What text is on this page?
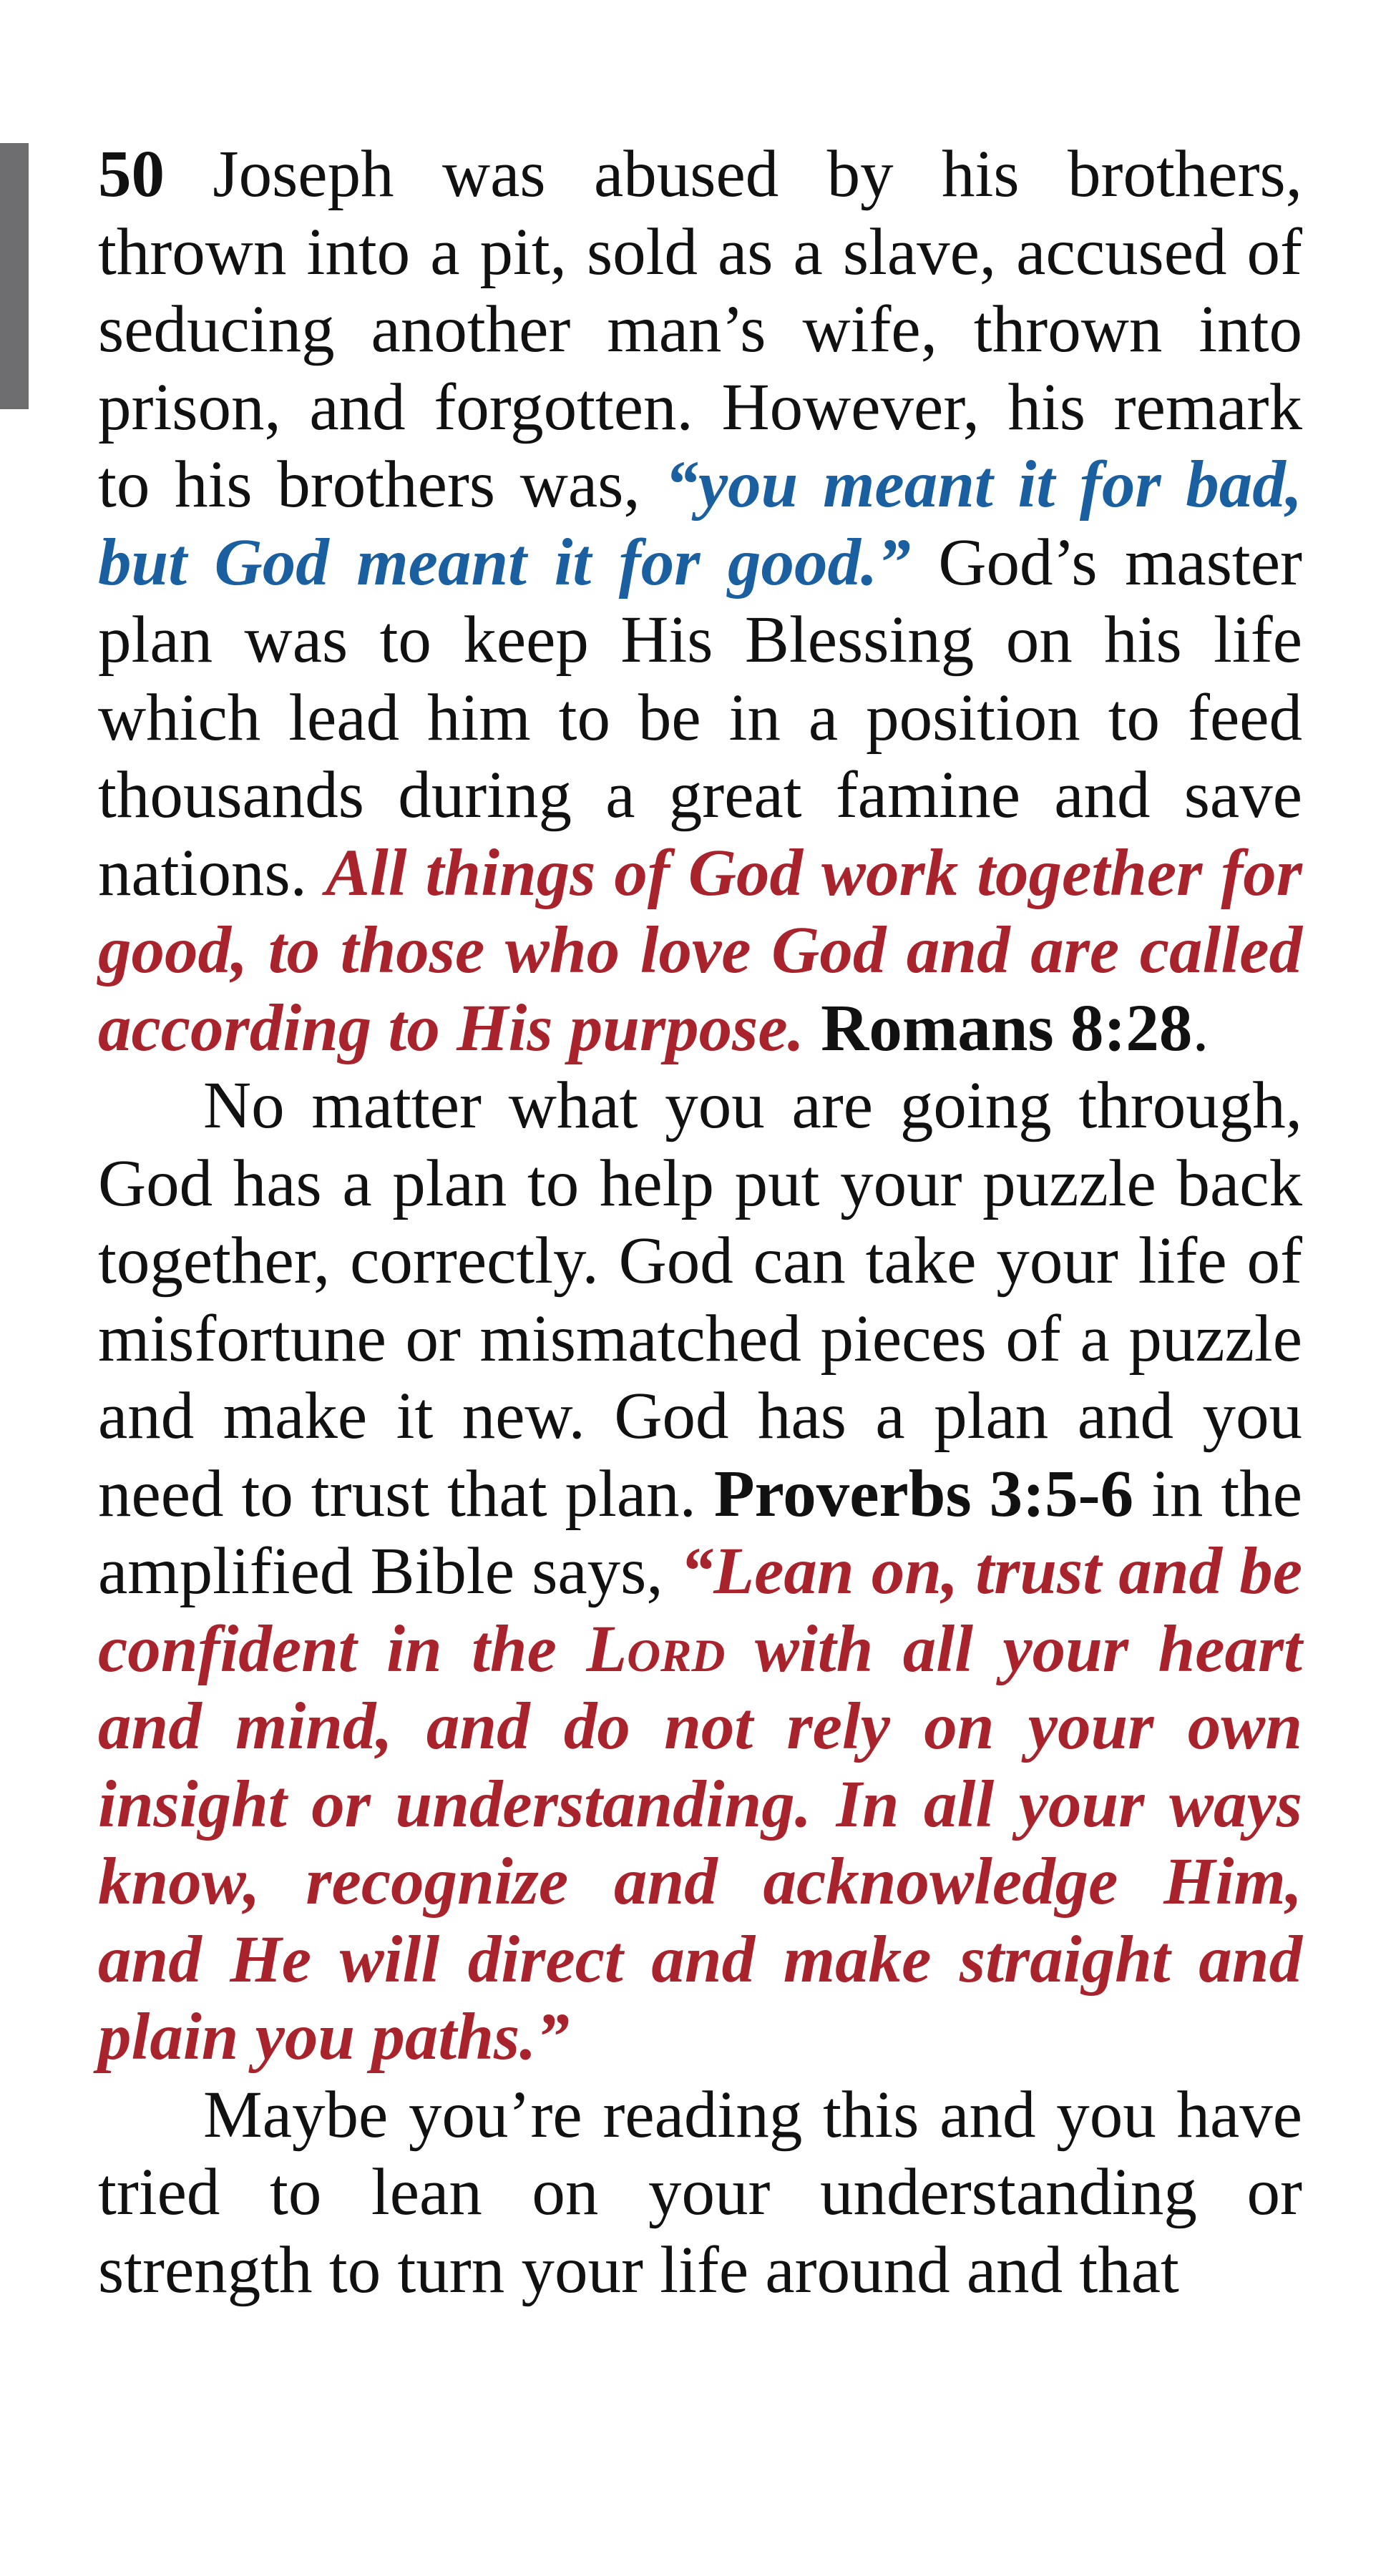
50 Joseph was abused by his brothers, thrown into a pit, sold as a slave, accused of seducing another man’s wife, thrown into prison, and forgotten. However, his remark to his brothers was, “you meant it for bad, but God meant it for good.” God’s master plan was to keep His Blessing on his life which lead him to be in a position to feed thousands during a great famine and save nations. All things of God work together for good, to those who love God and are called according to His purpose. Romans 8:28.

No matter what you are going through, God has a plan to help put your puzzle back together, correctly. God can take your life of misfortune or mismatched pieces of a puzzle and make it new. God has a plan and you need to trust that plan. Proverbs 3:5-6 in the amplified Bible says, “Lean on, trust and be confident in the Lord with all your heart and mind, and do not rely on your own insight or understanding. In all your ways know, recognize and acknowledge Him, and He will direct and make straight and plain you paths.”

Maybe you’re reading this and you have tried to lean on your understanding or strength to turn your life around and that
